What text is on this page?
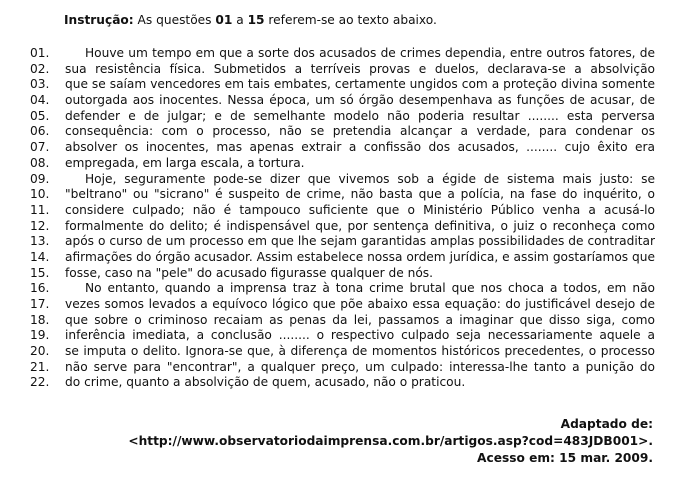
Instrução: As questões 01 a 15 referem-se ao texto abaixo.
01.	Houve um tempo em que a sorte dos acusados de crimes dependia, entre outros fatores, de
02.	sua resistência física. Submetidos a terríveis provas e duelos, declarava-se a absolvição
03.	que se saíam vencedores em tais embates, certamente ungidos com a proteção divina somente
04.	outorgada aos inocentes. Nessa época, um só órgão desempenhava as funções de acusar, de
05.	defender e de julgar; e de semelhante modelo não poderia resultar ........ esta perversa
06.	consequência: com o processo, não se pretendia alcançar a verdade, para condenar os
07.	absolver os inocentes, mas apenas extrair a confissão dos acusados, ........ cujo êxito era
08.	empregada, em larga escala, a tortura.
09.	Hoje, seguramente pode-se dizer que vivemos sob a égide de sistema mais justo: se
10.	"beltrano" ou "sicrano" é suspeito de crime, não basta que a polícia, na fase do inquérito, o
11.	considere culpado; não é tampouco suficiente que o Ministério Público venha a acusá-lo
12.	formalmente do delito; é indispensável que, por sentença definitiva, o juiz o reconheça como
13.	após o curso de um processo em que lhe sejam garantidas amplas possibilidades de contraditar
14.	afirmações do órgão acusador. Assim estabelece nossa ordem jurídica, e assim gostaríamos que
15.	fosse, caso na "pele" do acusado figurasse qualquer de nós.
16.	No entanto, quando a imprensa traz à tona crime brutal que nos choca a todos, em não
17.	vezes somos levados a equívoco lógico que põe abaixo essa equação: do justificável desejo de
18.	que sobre o criminoso recaiam as penas da lei, passamos a imaginar que disso siga, como
19.	inferência imediata, a conclusão ........ o respectivo culpado seja necessariamente aquele a
20.	se imputa o delito. Ignora-se que, à diferença de momentos históricos precedentes, o processo
21.	não serve para "encontrar", a qualquer preço, um culpado: interessa-lhe tanto a punição do
22.	do crime, quanto a absolvição de quem, acusado, não o praticou.
Adaptado de:
<http://www.observatoriodaimprensa.com.br/artigos.asp?cod=483JDB001>.
Acesso em: 15 mar. 2009.
